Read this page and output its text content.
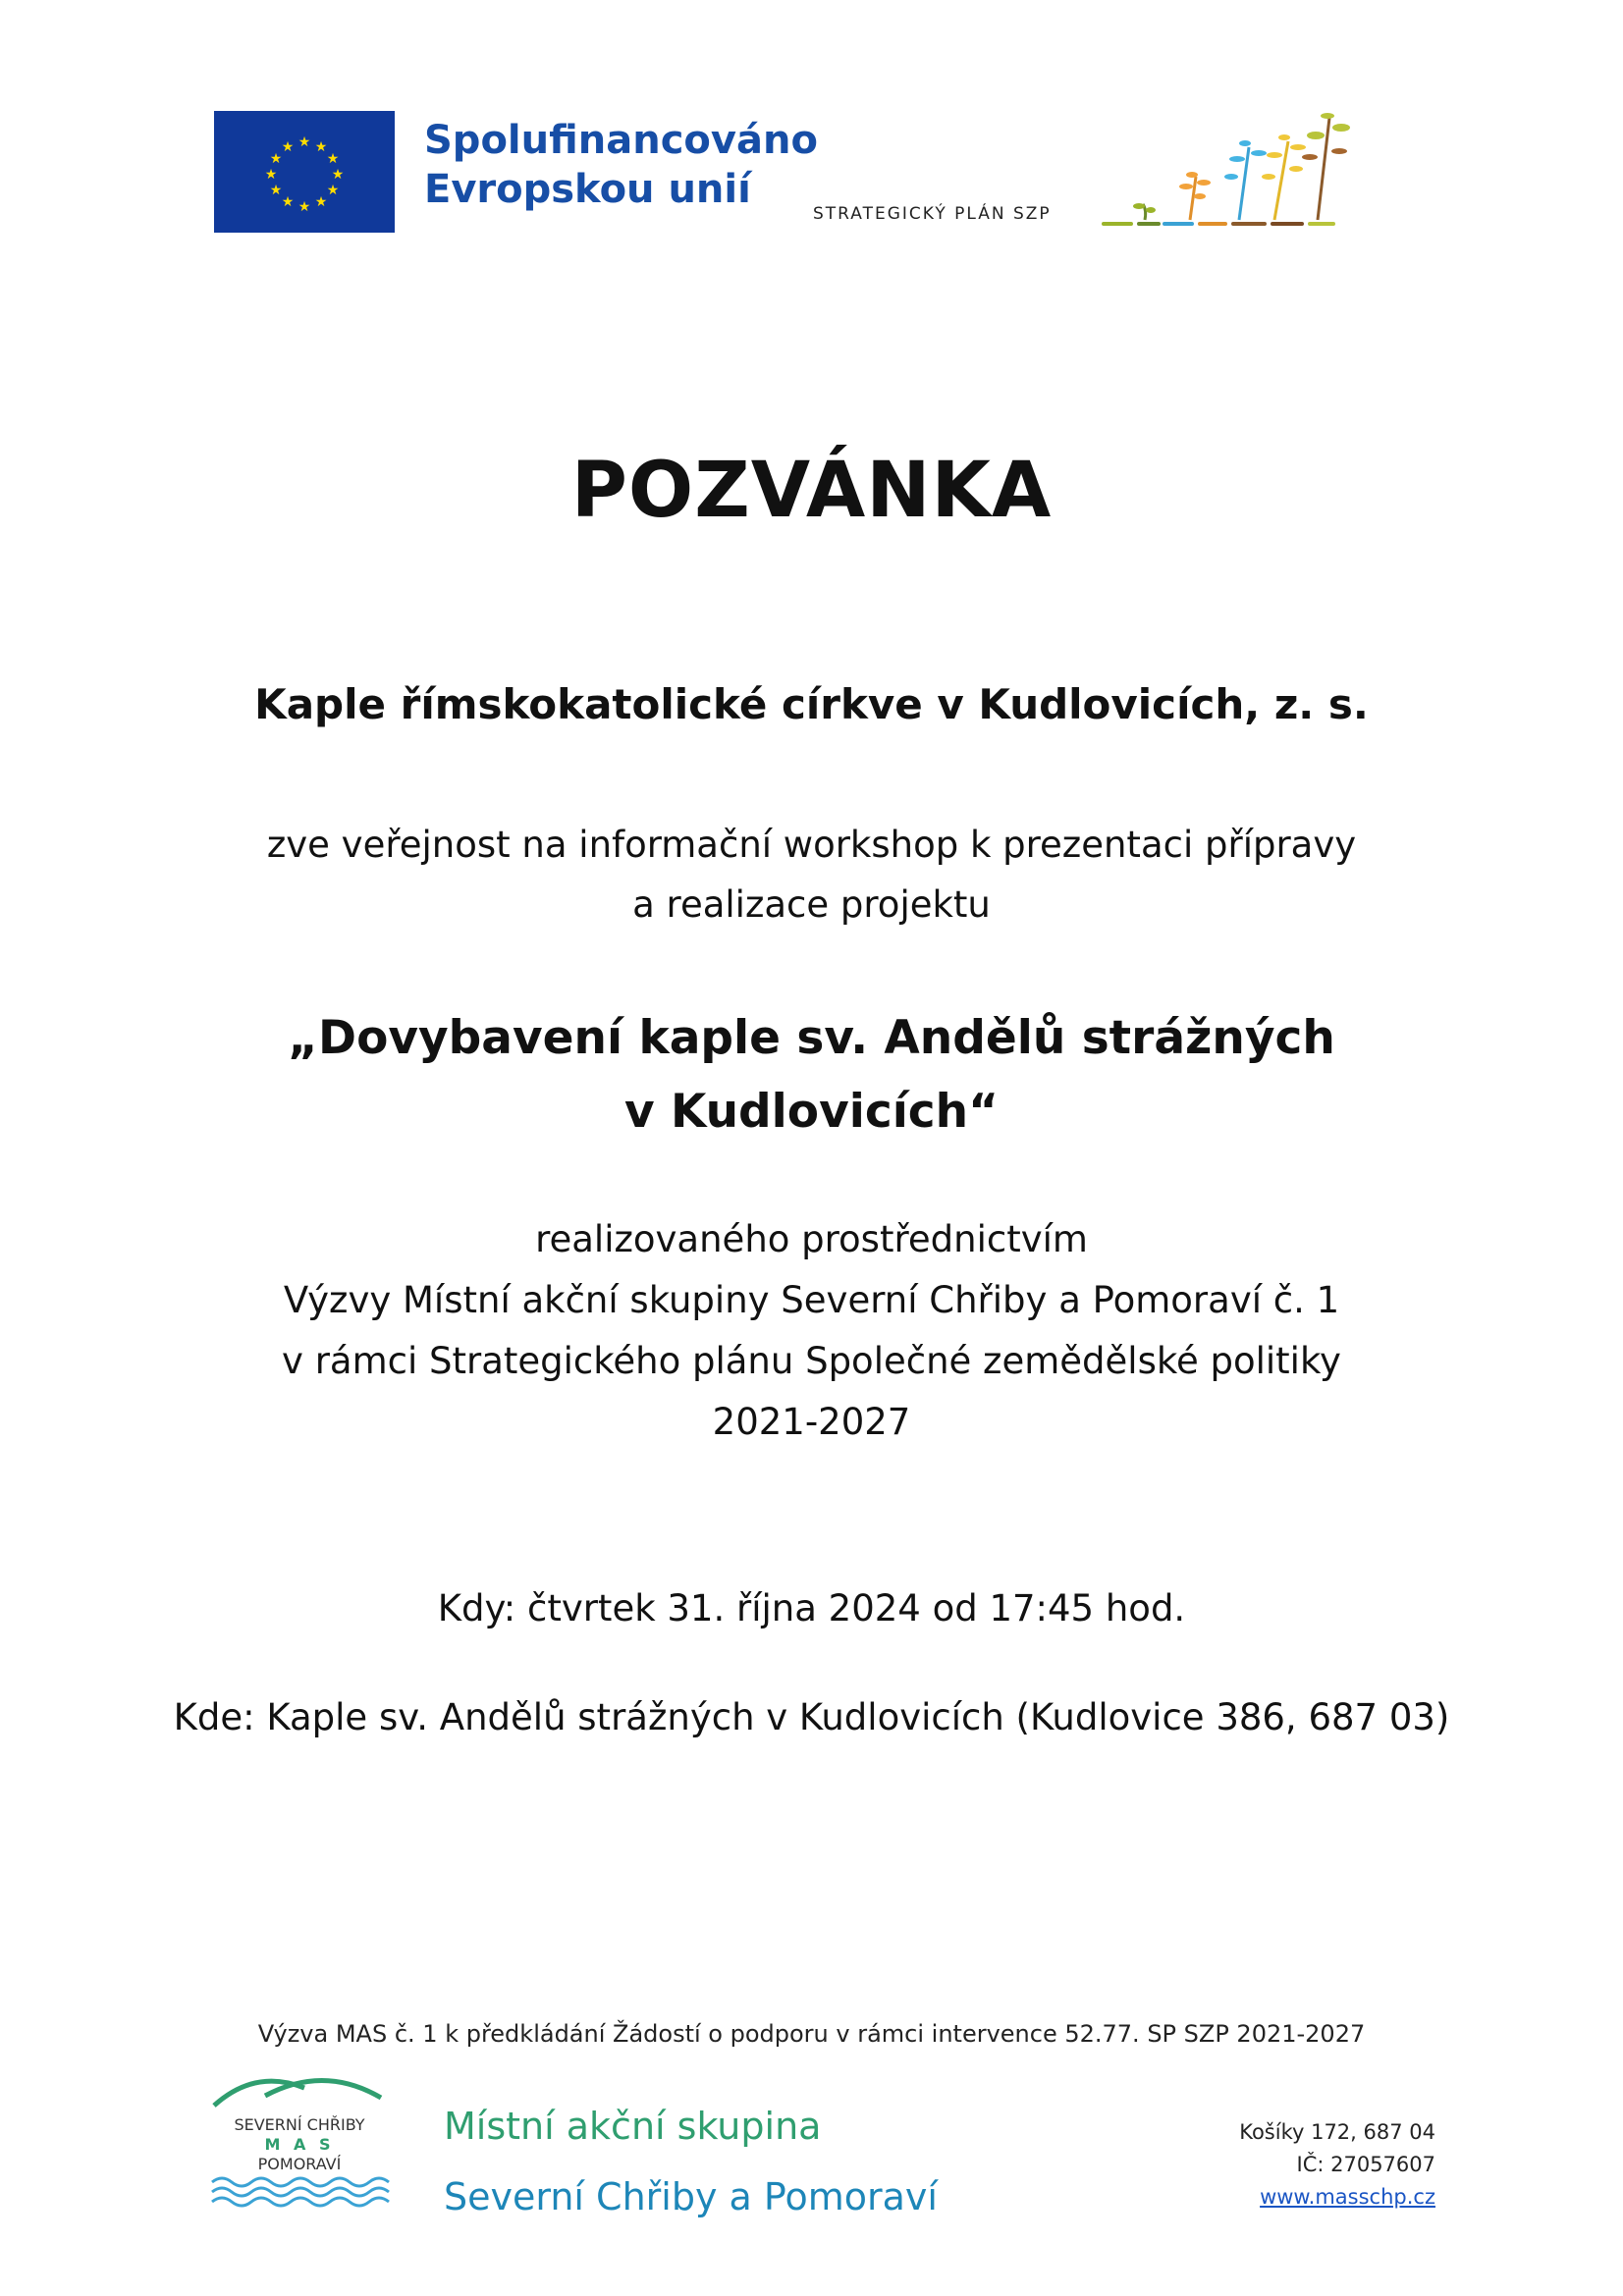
★ ★
★
★
★
★
★
★
★
★
★
★	Spolufinancováno
Evropskou unií
STRATEGICKÝ PLÁN SZP
POZVÁNKA
Kaple římskokatolické církve v Kudlovicích, z. s.
zve veřejnost na informační workshop k prezentaci přípravy
a realizace projektu
„Dovybavení kaple sv. Andělů strážných
v Kudlovicích“
realizovaného prostřednictvím
Výzvy Místní akční skupiny Severní Chřiby a Pomoraví č. 1
v rámci Strategického plánu Společné zemědělské politiky
2021-2027
Kdy: čtvrtek 31. října 2024 od 17:45 hod.
Kde: Kaple sv. Andělů strážných v Kudlovicích (Kudlovice 386, 687 03)
Výzva MAS č. 1 k předkládání Žádostí o podporu v rámci intervence 52.77. SP SZP 2021-2027
SEVERNÍ CHŘIBY
M A S
POMORAVÍ
Místní akční skupina
Severní Chřiby a Pomoraví
Košíky 172, 687 04
IČ: 27057607
www.masschp.cz
